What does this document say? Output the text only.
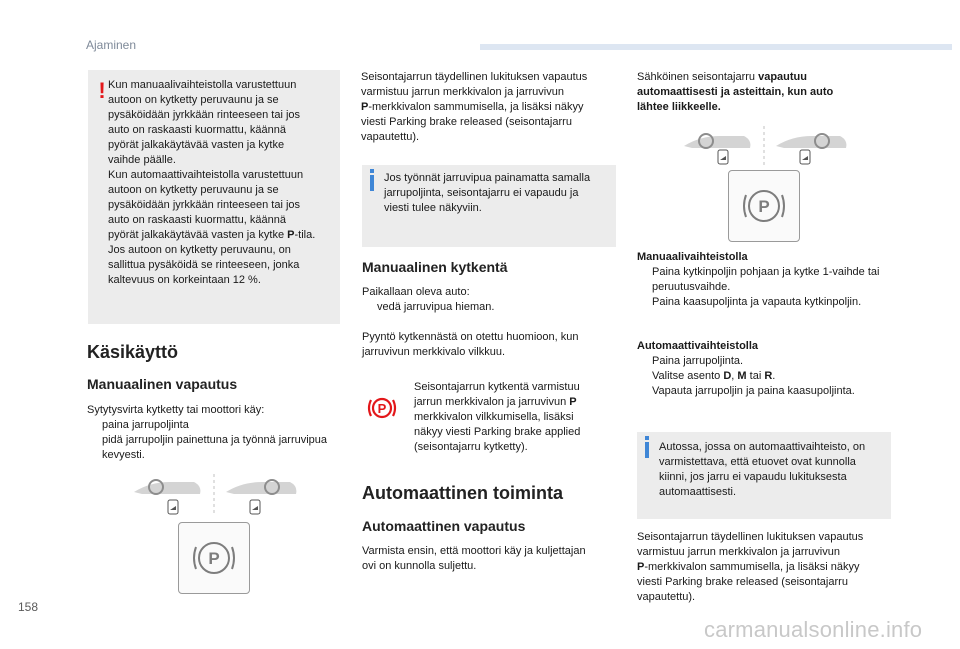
Ajaminen
! Kun manuaalivaihteistolla varustettuun

autoon on kytketty peruvaunu ja se

pysäköidään jyrkkään rinteeseen tai jos

auto on raskaasti kuormattu, käännä

pyörät jalkakäytävää vasten ja kytke

vaihde päälle.

Kun automaattivaihteistolla varustettuun

autoon on kytketty peruvaunu ja se

pysäköidään jyrkkään rinteeseen tai jos

auto on raskaasti kuormattu, käännä

pyörät jalkakäytävää vasten ja kytke P-tila.

Jos autoon on kytketty peruvaunu, on

sallittua pysäköidä se rinteeseen, jonka

kaltevuus on korkeintaan 12 %.

Käsikäyttö
Manuaalinen vapautus

Sytytysvirta kytketty tai moottori käy:

paina jarrupoljinta
pidä jarrupoljin painettuna ja työnnä jarruvipua kevyesti.
P

Seisontajarrun täydellinen lukituksen vapautus

varmistuu jarrun merkkivalon ja jarruvivun

P-merkkivalon sammumisella, ja lisäksi näkyy

viesti Parking brake released (seisontajarru

vapautettu).

Jos työnnät jarruvipua painamatta samalla

jarrupoljinta, seisontajarru ei vapaudu ja

viesti tulee näkyviin.

Manuaalinen kytkentä

Paikallaan oleva auto:

vedä jarruvipua hieman.

Pyyntö kytkennästä on otettu huomioon, kun

jarruvivun merkkivalo vilkkuu.

P

Seisontajarrun kytkentä varmistuu

jarrun merkkivalon ja jarruvivun P

merkkivalon vilkkumisella, lisäksi

näkyy viesti Parking brake applied

(seisontajarru kytketty).

Automaattinen toiminta
Automaattinen vapautus

Varmista ensin, että moottori käy ja kuljettajan

ovi on kunnolla suljettu.

Sähköinen seisontajarru vapautuu

automaattisesti ja asteittain, kun auto

lähtee liikkeelle.

P

Manuaalivaihteistolla

Paina kytkinpoljin pohjaan ja kytke 1-vaihde tai peruutusvaihde.
Paina kaasupoljinta ja vapauta kytkinpoljin.

Automaattivaihteistolla

Paina jarrupoljinta.
Valitse asento D, M tai R.
Vapauta jarrupoljin ja paina kaasupoljinta.

Autossa, jossa on automaattivaihteisto, on

varmistettava, että etuovet ovat kunnolla

kiinni, jos jarru ei vapaudu lukituksesta

automaattisesti.

Seisontajarrun täydellinen lukituksen vapautus

varmistuu jarrun merkkivalon ja jarruvivun

P-merkkivalon sammumisella, ja lisäksi näkyy

viesti Parking brake released (seisontajarru

vapautettu).

158
carmanualsonline.info
